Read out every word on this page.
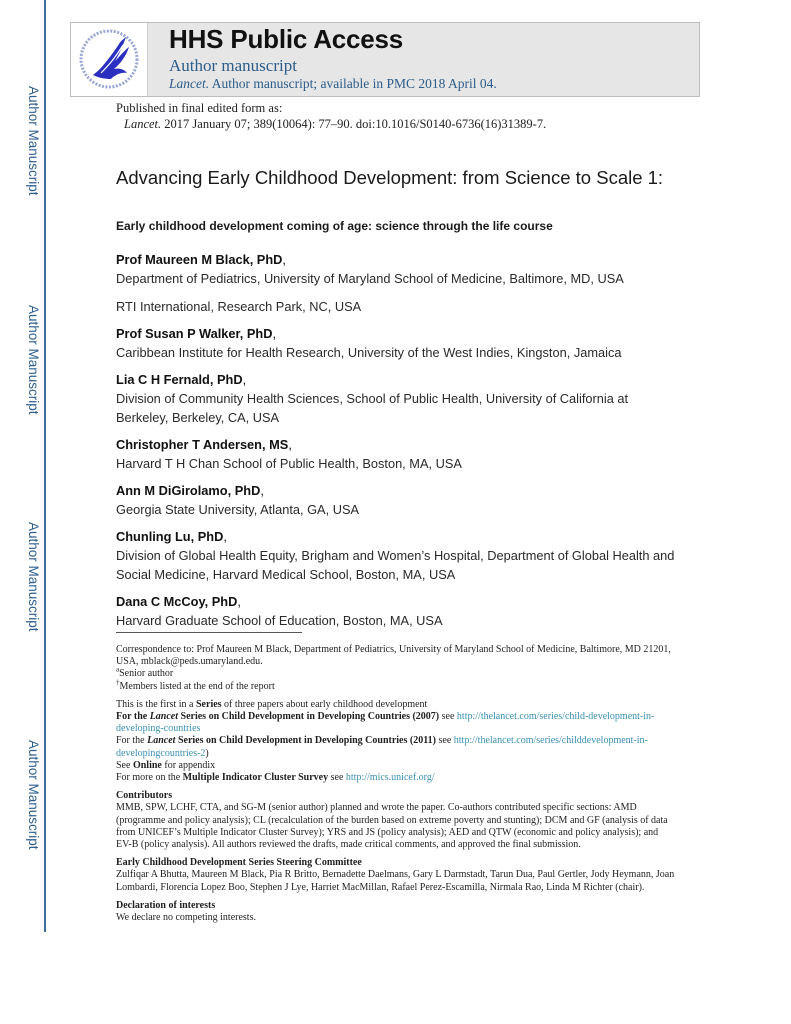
Author Manuscript
Author Manuscript
Author Manuscript
Author Manuscript
HHS Public Access
Author manuscript
Lancet. Author manuscript; available in PMC 2018 April 04.
Published in final edited form as:
Lancet. 2017 January 07; 389(10064): 77–90. doi:10.1016/S0140-6736(16)31389-7.
Advancing Early Childhood Development: from Science to Scale 1:
Early childhood development coming of age: science through the life course
Prof Maureen M Black, PhD,
Department of Pediatrics, University of Maryland School of Medicine, Baltimore, MD, USA
RTI International, Research Park, NC, USA
Prof Susan P Walker, PhD,
Caribbean Institute for Health Research, University of the West Indies, Kingston, Jamaica
Lia C H Fernald, PhD,
Division of Community Health Sciences, School of Public Health, University of California at Berkeley, Berkeley, CA, USA
Christopher T Andersen, MS,
Harvard T H Chan School of Public Health, Boston, MA, USA
Ann M DiGirolamo, PhD,
Georgia State University, Atlanta, GA, USA
Chunling Lu, PhD,
Division of Global Health Equity, Brigham and Women’s Hospital, Department of Global Health and Social Medicine, Harvard Medical School, Boston, MA, USA
Dana C McCoy, PhD,
Harvard Graduate School of Education, Boston, MA, USA

Correspondence to: Prof Maureen M Black, Department of Pediatrics, University of Maryland School of Medicine, Baltimore, MD 21201, USA, mblack@peds.umaryland.edu.

$^a$Senior author

†Members listed at the end of the report

This is the first in a Series of three papers about early childhood development

For the Lancet Series on Child Development in Developing Countries (2007) see http://thelancet.com/series/child-development-in-developing-countries

For the Lancet Series on Child Development in Developing Countries (2011) see http://thelancet.com/series/childdevelopment-in-developingcountries-2)

See Online for appendix

For more on the Multiple Indicator Cluster Survey see http://mics.unicef.org/

Contributors

MMB, SPW, LCHF, CTA, and SG-M (senior author) planned and wrote the paper. Co-authors contributed specific sections: AMD (programme and policy analysis); CL (recalculation of the burden based on extreme poverty and stunting); DCM and GF (analysis of data from UNICEF’s Multiple Indicator Cluster Survey); YRS and JS (policy analysis); AED and QTW (economic and policy analysis); and EV-B (policy analysis). All authors reviewed the drafts, made critical comments, and approved the final submission.

Early Childhood Development Series Steering Committee

Zulfiqar A Bhutta, Maureen M Black, Pia R Britto, Bernadette Daelmans, Gary L Darmstadt, Tarun Dua, Paul Gertler, Jody Heymann, Joan Lombardi, Florencia Lopez Boo, Stephen J Lye, Harriet MacMillan, Rafael Perez-Escamilla, Nirmala Rao, Linda M Richter (chair).

Declaration of interests

We declare no competing interests.
